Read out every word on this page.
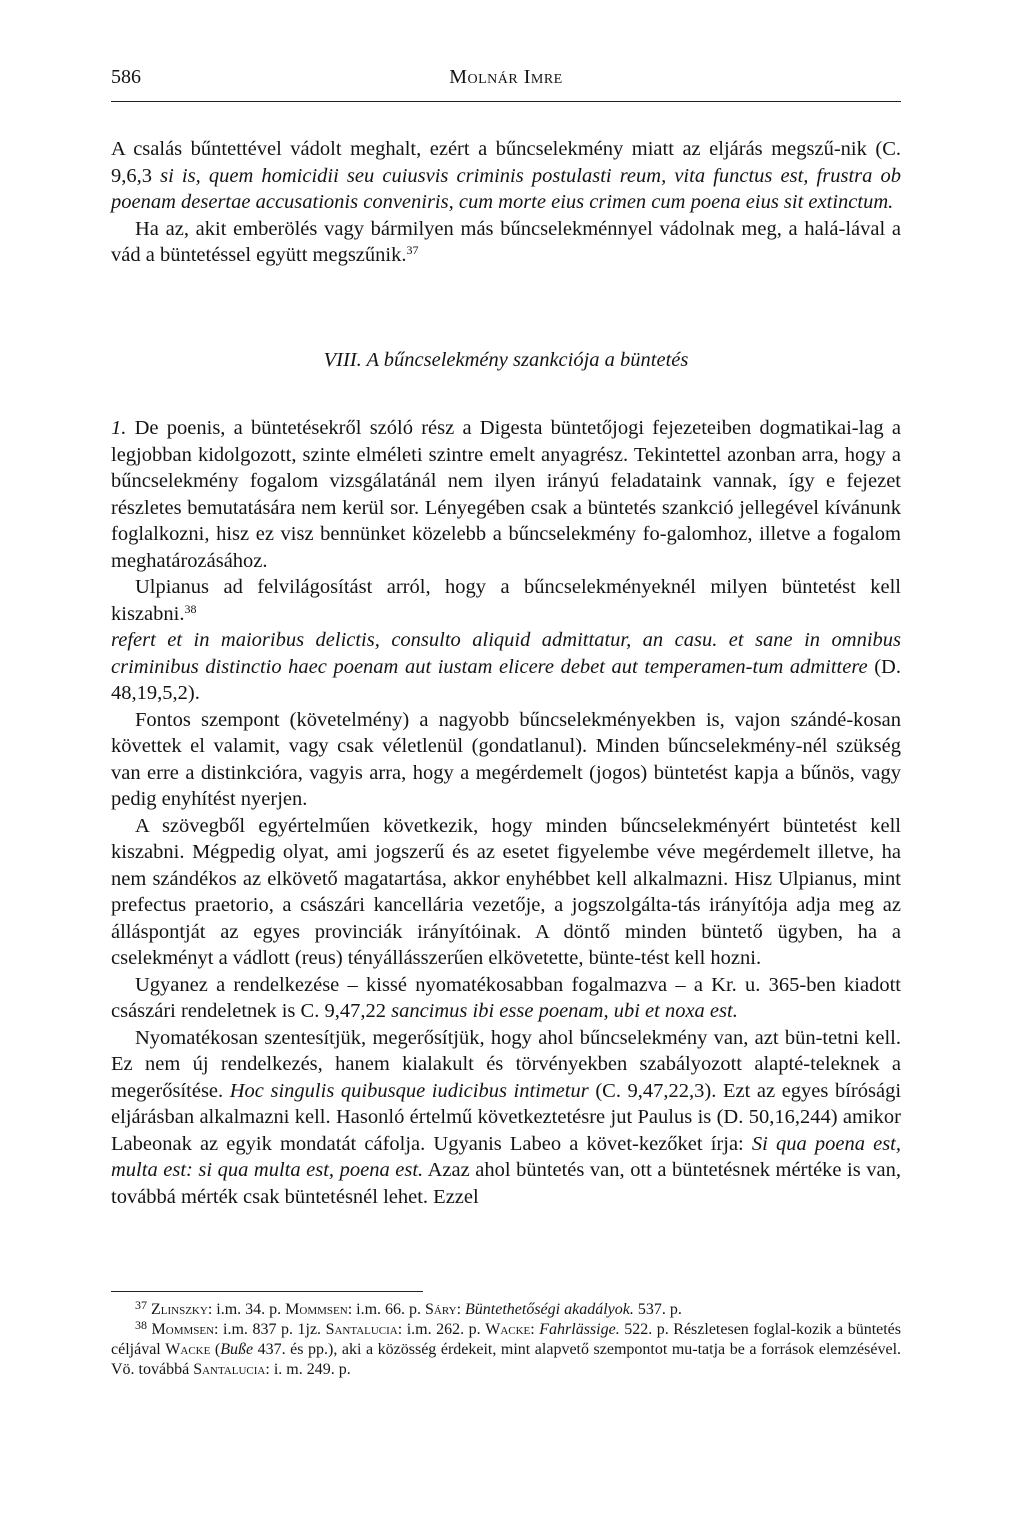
586	Molnár Imre

A csalás bűntettével vádolt meghalt, ezért a bűncselekmény miatt az eljárás megszű-nik (C. 9,6,3 si is, quem homicidii seu cuiusvis criminis postulasti reum, vita functus est, frustra ob poenam desertae accusationis conveniris, cum morte eius crimen cum poena eius sit extinctum.

Ha az, akit emberölés vagy bármilyen más bűncselekménnyel vádolnak meg, a halá-lával a vád a büntetéssel együtt megszűnik.$^{37}$

VIII. A bűncselekmény szankciója a büntetés

1. De poenis, a büntetésekről szóló rész a Digesta büntetőjogi fejezeteiben dogmatikai-lag a legjobban kidolgozott, szinte elméleti szintre emelt anyagrész. Tekintettel azonban arra, hogy a bűncselekmény fogalom vizsgálatánál nem ilyen irányú feladataink vannak, így e fejezet részletes bemutatására nem kerül sor. Lényegében csak a büntetés szankció jellegével kívánunk foglalkozni, hisz ez visz bennünket közelebb a bűncselekmény fo-galomhoz, illetve a fogalom meghatározásához.

Ulpianus ad felvilágosítást arról, hogy a bűncselekményeknél milyen büntetést kell kiszabni.$^{38}$

refert et in maioribus delictis, consulto aliquid admittatur, an casu. et sane in omnibus criminibus distinctio haec poenam aut iustam elicere debet aut temperamen-tum admittere (D. 48,19,5,2).

Fontos szempont (követelmény) a nagyobb bűncselekményekben is, vajon szándé-kosan követtek el valamit, vagy csak véletlenül (gondatlanul). Minden bűncselekmény-nél szükség van erre a distinkcióra, vagyis arra, hogy a megérdemelt (jogos) büntetést kapja a bűnös, vagy pedig enyhítést nyerjen.

A szövegből egyértelműen következik, hogy minden bűncselekményért büntetést kell kiszabni. Mégpedig olyat, ami jogszerű és az esetet figyelembe véve megérdemelt illetve, ha nem szándékos az elkövető magatartása, akkor enyhébbet kell alkalmazni. Hisz Ulpianus, mint prefectus praetorio, a császári kancellária vezetője, a jogszolgálta-tás irányítója adja meg az álláspontját az egyes provinciák irányítóinak. A döntő minden büntető ügyben, ha a cselekményt a vádlott (reus) tényállásszerűen elkövetette, bünte-tést kell hozni.

Ugyanez a rendelkezése – kissé nyomatékosabban fogalmazva – a Kr. u. 365-ben kiadott császári rendeletnek is C. 9,47,22 sancimus ibi esse poenam, ubi et noxa est.

Nyomatékosan szentesítjük, megerősítjük, hogy ahol bűncselekmény van, azt bün-tetni kell. Ez nem új rendelkezés, hanem kialakult és törvényekben szabályozott alapté-teleknek a megerősítése. Hoc singulis quibusque iudicibus intimetur (C. 9,47,22,3). Ezt az egyes bírósági eljárásban alkalmazni kell. Hasonló értelmű következtetésre jut Paulus is (D. 50,16,244) amikor Labeonak az egyik mondatát cáfolja. Ugyanis Labeo a követ-kezőket írja: Si qua poena est, multa est: si qua multa est, poena est. Azaz ahol büntetés van, ott a büntetésnek mértéke is van, továbbá mérték csak büntetésnél lehet. Ezzel

$^{37}$ Zlinszky: i.m. 34. p. Mommsen: i.m. 66. p. Sáry: Büntethetőségi akadályok. 537. p.

$^{38}$ Mommsen: i.m. 837 p. 1jz. Santalucia: i.m. 262. p. Wacke: Fahrlässige. 522. p. Részletesen foglal-kozik a büntetés céljával Wacke (Buße 437. és pp.), aki a közösség érdekeit, mint alapvető szempontot mu-tatja be a források elemzésével. Vö. továbbá Santalucia: i. m. 249. p.
